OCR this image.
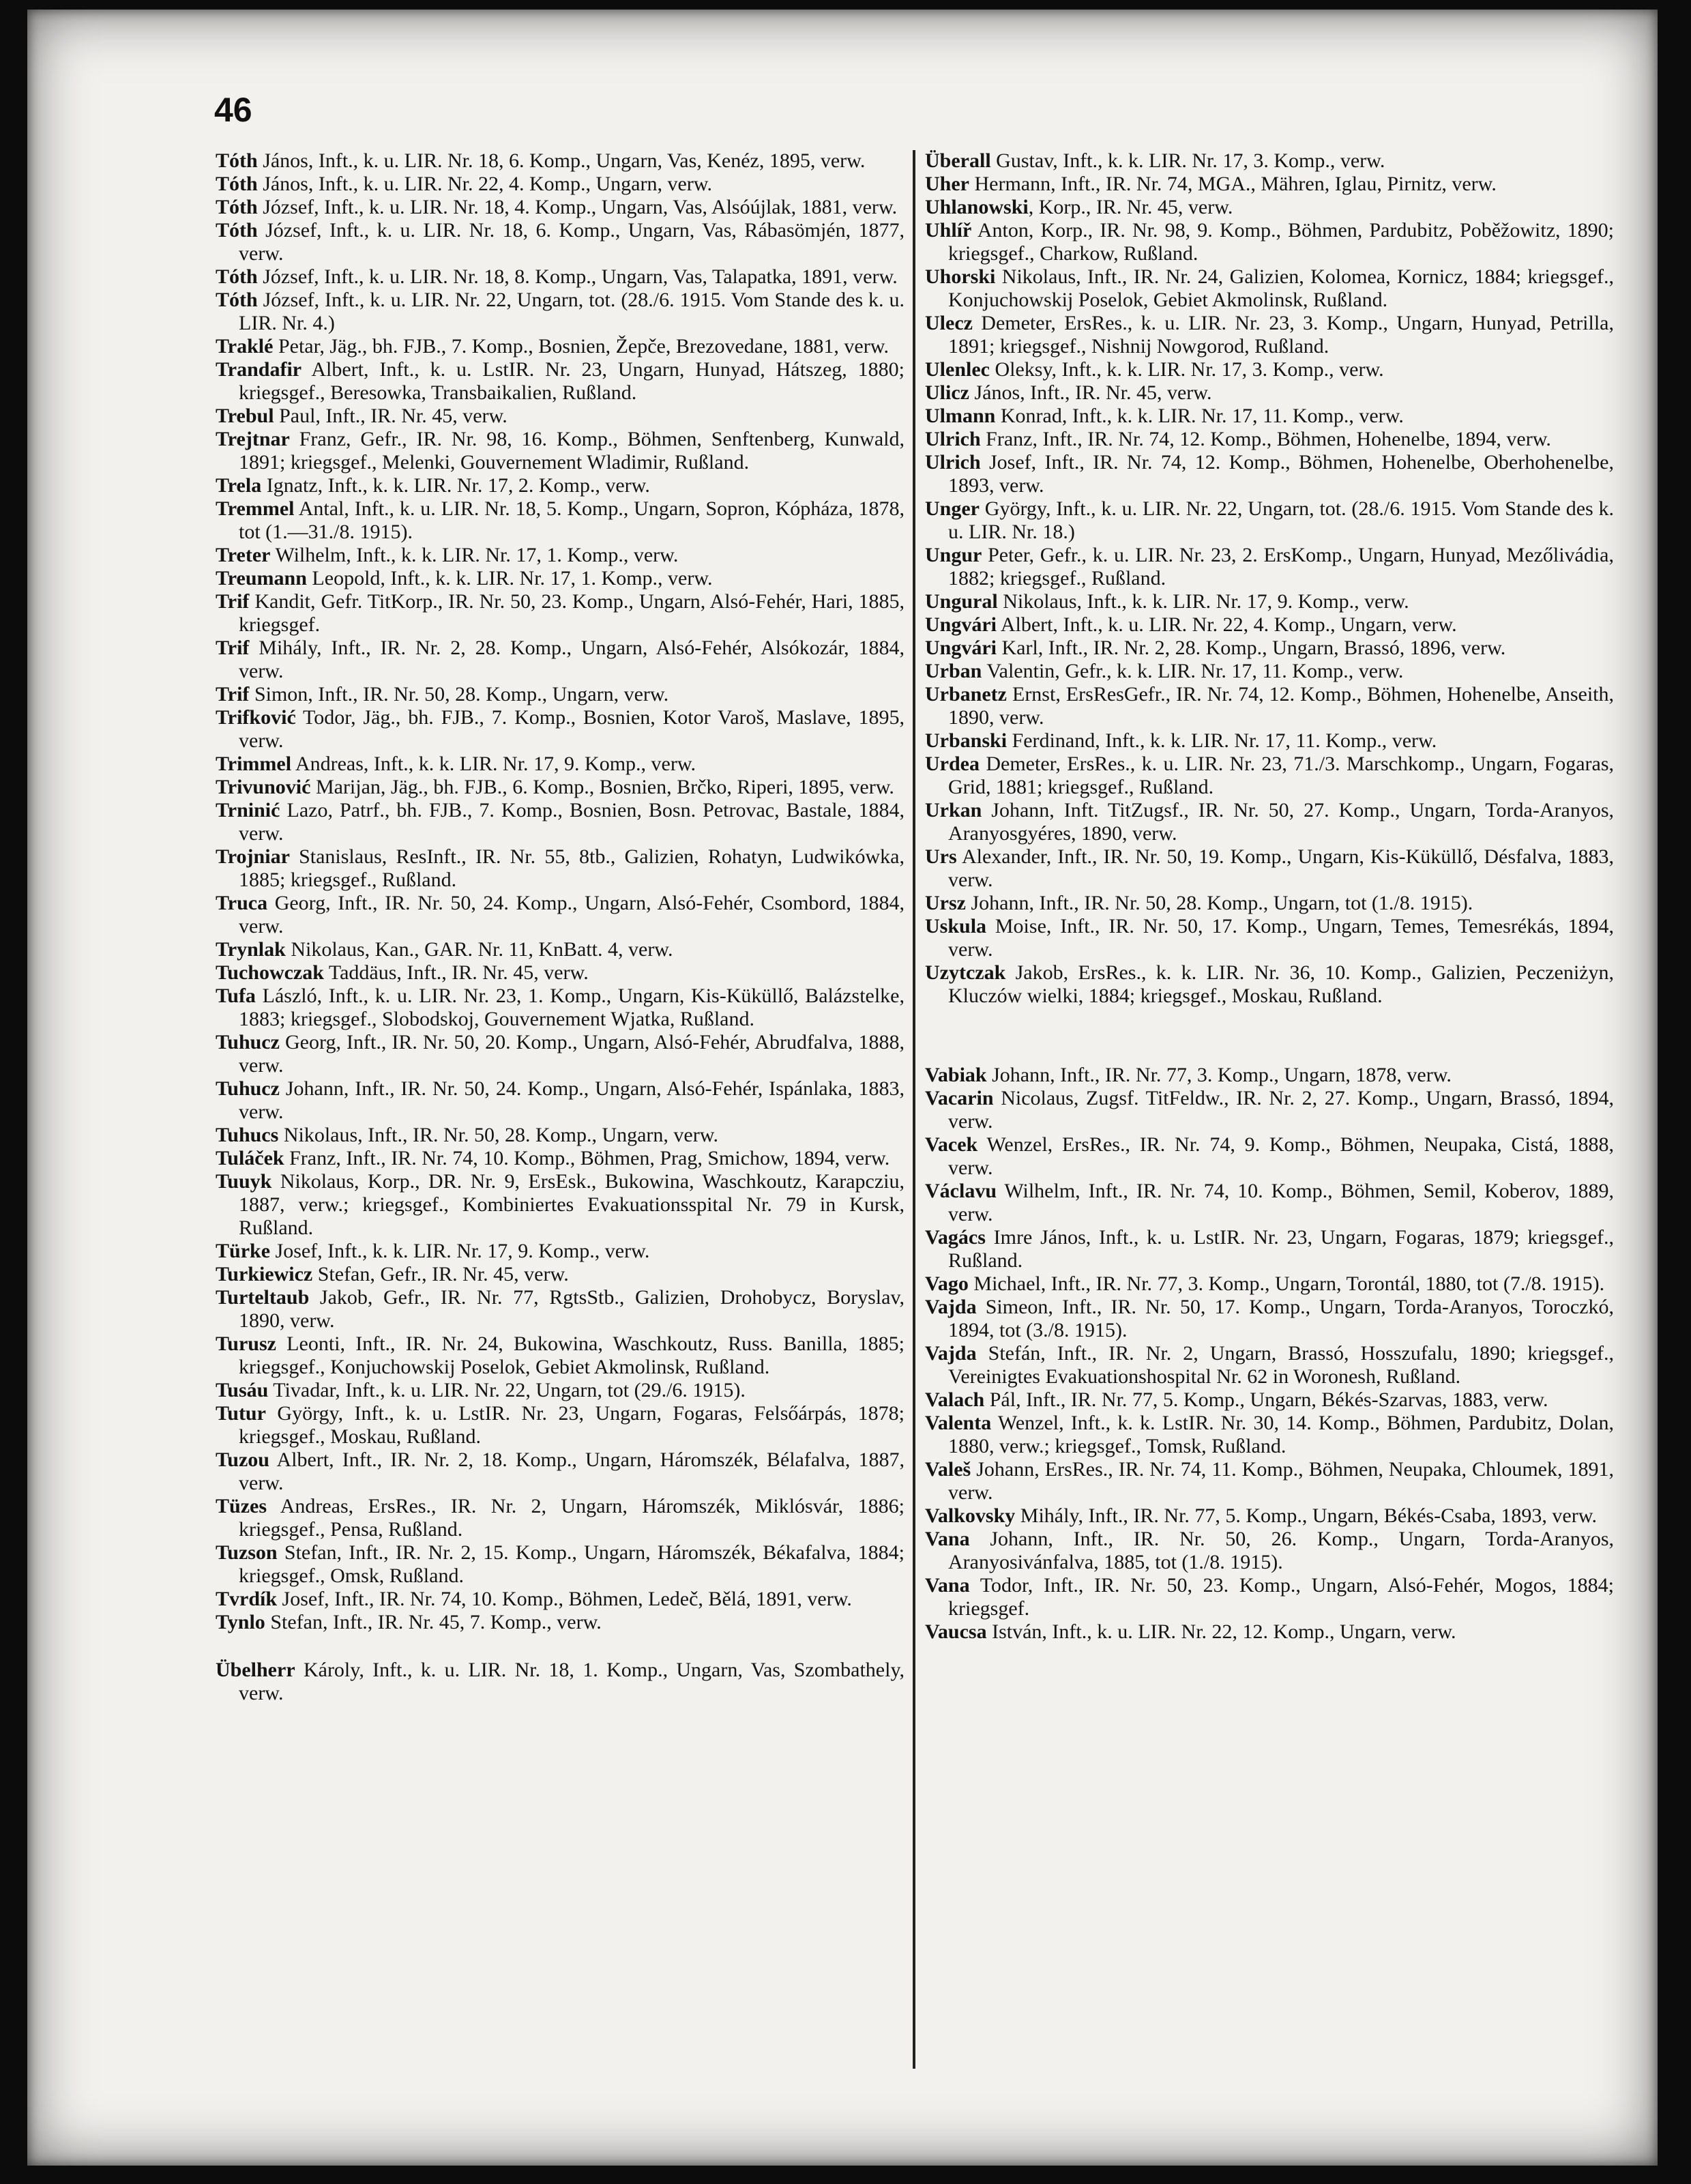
46

Tóth János, Inft., k. u. LIR. Nr. 18, 6. Komp., Ungarn, Vas, Kenéz, 1895, verw.

Tóth János, Inft., k. u. LIR. Nr. 22, 4. Komp., Ungarn, verw.

Tóth József, Inft., k. u. LIR. Nr. 18, 4. Komp., Ungarn, Vas, Alsóújlak, 1881, verw.

Tóth József, Inft., k. u. LIR. Nr. 18, 6. Komp., Ungarn, Vas, Rábasömjén, 1877, verw.

Tóth József, Inft., k. u. LIR. Nr. 18, 8. Komp., Ungarn, Vas, Talapatka, 1891, verw.

Tóth József, Inft., k. u. LIR. Nr. 22, Ungarn, tot. (28./6. 1915. Vom Stande des k. u. LIR. Nr. 4.)

Traklé Petar, Jäg., bh. FJB., 7. Komp., Bosnien, Žepče, Brezovedane, 1881, verw.

Trandafir Albert, Inft., k. u. LstIR. Nr. 23, Ungarn, Hunyad, Hátszeg, 1880; kriegsgef., Beresowka, Transbaikalien, Rußland.

Trebul Paul, Inft., IR. Nr. 45, verw.

Trejtnar Franz, Gefr., IR. Nr. 98, 16. Komp., Böhmen, Senftenberg, Kunwald, 1891; kriegsgef., Melenki, Gouvernement Wladimir, Rußland.

Trela Ignatz, Inft., k. k. LIR. Nr. 17, 2. Komp., verw.

Tremmel Antal, Inft., k. u. LIR. Nr. 18, 5. Komp., Ungarn, Sopron, Kópháza, 1878, tot (1.—31./8. 1915).

Treter Wilhelm, Inft., k. k. LIR. Nr. 17, 1. Komp., verw.

Treumann Leopold, Inft., k. k. LIR. Nr. 17, 1. Komp., verw.

Trif Kandit, Gefr. TitKorp., IR. Nr. 50, 23. Komp., Ungarn, Alsó-Fehér, Hari, 1885, kriegsgef.

Trif Mihály, Inft., IR. Nr. 2, 28. Komp., Ungarn, Alsó-Fehér, Alsókozár, 1884, verw.

Trif Simon, Inft., IR. Nr. 50, 28. Komp., Ungarn, verw.

Trifković Todor, Jäg., bh. FJB., 7. Komp., Bosnien, Kotor Varoš, Maslave, 1895, verw.

Trimmel Andreas, Inft., k. k. LIR. Nr. 17, 9. Komp., verw.

Trivunović Marijan, Jäg., bh. FJB., 6. Komp., Bosnien, Brčko, Riperi, 1895, verw.

Trninić Lazo, Patrf., bh. FJB., 7. Komp., Bosnien, Bosn. Petrovac, Bastale, 1884, verw.

Trojniar Stanislaus, ResInft., IR. Nr. 55, 8tb., Galizien, Rohatyn, Ludwikówka, 1885; kriegsgef., Rußland.

Truca Georg, Inft., IR. Nr. 50, 24. Komp., Ungarn, Alsó-Fehér, Csombord, 1884, verw.

Trynlak Nikolaus, Kan., GAR. Nr. 11, KnBatt. 4, verw.

Tuchowczak Taddäus, Inft., IR. Nr. 45, verw.

Tufa László, Inft., k. u. LIR. Nr. 23, 1. Komp., Ungarn, Kis-Küküllő, Balázstelke, 1883; kriegsgef., Slobodskoj, Gouvernement Wjatka, Rußland.

Tuhucz Georg, Inft., IR. Nr. 50, 20. Komp., Ungarn, Alsó-Fehér, Abrudfalva, 1888, verw.

Tuhucz Johann, Inft., IR. Nr. 50, 24. Komp., Ungarn, Alsó-Fehér, Ispánlaka, 1883, verw.

Tuhucs Nikolaus, Inft., IR. Nr. 50, 28. Komp., Ungarn, verw.

Tuláček Franz, Inft., IR. Nr. 74, 10. Komp., Böhmen, Prag, Smichow, 1894, verw.

Tuuyk Nikolaus, Korp., DR. Nr. 9, ErsEsk., Bukowina, Waschkoutz, Karapcziu, 1887, verw.; kriegsgef., Kombiniertes Evakuationsspital Nr. 79 in Kursk, Rußland.

Türke Josef, Inft., k. k. LIR. Nr. 17, 9. Komp., verw.

Turkiewicz Stefan, Gefr., IR. Nr. 45, verw.

Turteltaub Jakob, Gefr., IR. Nr. 77, RgtsStb., Galizien, Drohobycz, Boryslav, 1890, verw.

Turusz Leonti, Inft., IR. Nr. 24, Bukowina, Waschkoutz, Russ. Banilla, 1885; kriegsgef., Konjuchowskij Poselok, Gebiet Akmolinsk, Rußland.

Tusáu Tivadar, Inft., k. u. LIR. Nr. 22, Ungarn, tot (29./6. 1915).

Tutur György, Inft., k. u. LstIR. Nr. 23, Ungarn, Fogaras, Felsőárpás, 1878; kriegsgef., Moskau, Rußland.

Tuzou Albert, Inft., IR. Nr. 2, 18. Komp., Ungarn, Háromszék, Bélafalva, 1887, verw.

Tüzes Andreas, ErsRes., IR. Nr. 2, Ungarn, Háromszék, Miklósvár, 1886; kriegsgef., Pensa, Rußland.

Tuzson Stefan, Inft., IR. Nr. 2, 15. Komp., Ungarn, Háromszék, Békafalva, 1884; kriegsgef., Omsk, Rußland.

Tvrdík Josef, Inft., IR. Nr. 74, 10. Komp., Böhmen, Ledeč, Bělá, 1891, verw.

Tynlo Stefan, Inft., IR. Nr. 45, 7. Komp., verw.

Übelherr Károly, Inft., k. u. LIR. Nr. 18, 1. Komp., Ungarn, Vas, Szombathely, verw.

Überall Gustav, Inft., k. k. LIR. Nr. 17, 3. Komp., verw.

Uher Hermann, Inft., IR. Nr. 74, MGA., Mähren, Iglau, Pirnitz, verw.

Uhlanowski, Korp., IR. Nr. 45, verw.

Uhlíř Anton, Korp., IR. Nr. 98, 9. Komp., Böhmen, Pardubitz, Poběžowitz, 1890; kriegsgef., Charkow, Rußland.

Uhorski Nikolaus, Inft., IR. Nr. 24, Galizien, Kolomea, Kornicz, 1884; kriegsgef., Konjuchowskij Poselok, Gebiet Akmolinsk, Rußland.

Ulecz Demeter, ErsRes., k. u. LIR. Nr. 23, 3. Komp., Ungarn, Hunyad, Petrilla, 1891; kriegsgef., Nishnij Nowgorod, Rußland.

Ulenlec Oleksy, Inft., k. k. LIR. Nr. 17, 3. Komp., verw.

Ulicz János, Inft., IR. Nr. 45, verw.

Ulmann Konrad, Inft., k. k. LIR. Nr. 17, 11. Komp., verw.

Ulrich Franz, Inft., IR. Nr. 74, 12. Komp., Böhmen, Hohenelbe, 1894, verw.

Ulrich Josef, Inft., IR. Nr. 74, 12. Komp., Böhmen, Hohenelbe, Oberhohenelbe, 1893, verw.

Unger György, Inft., k. u. LIR. Nr. 22, Ungarn, tot. (28./6. 1915. Vom Stande des k. u. LIR. Nr. 18.)

Ungur Peter, Gefr., k. u. LIR. Nr. 23, 2. ErsKomp., Ungarn, Hunyad, Mezőlivádia, 1882; kriegsgef., Rußland.

Ungural Nikolaus, Inft., k. k. LIR. Nr. 17, 9. Komp., verw.

Ungvári Albert, Inft., k. u. LIR. Nr. 22, 4. Komp., Ungarn, verw.

Ungvári Karl, Inft., IR. Nr. 2, 28. Komp., Ungarn, Brassó, 1896, verw.

Urban Valentin, Gefr., k. k. LIR. Nr. 17, 11. Komp., verw.

Urbanetz Ernst, ErsResGefr., IR. Nr. 74, 12. Komp., Böhmen, Hohenelbe, Anseith, 1890, verw.

Urbanski Ferdinand, Inft., k. k. LIR. Nr. 17, 11. Komp., verw.

Urdea Demeter, ErsRes., k. u. LIR. Nr. 23, 71./3. Marschkomp., Ungarn, Fogaras, Grid, 1881; kriegsgef., Rußland.

Urkan Johann, Inft. TitZugsf., IR. Nr. 50, 27. Komp., Ungarn, Torda-Aranyos, Aranyosgyéres, 1890, verw.

Urs Alexander, Inft., IR. Nr. 50, 19. Komp., Ungarn, Kis-Küküllő, Désfalva, 1883, verw.

Ursz Johann, Inft., IR. Nr. 50, 28. Komp., Ungarn, tot (1./8. 1915).

Uskula Moise, Inft., IR. Nr. 50, 17. Komp., Ungarn, Temes, Temesrékás, 1894, verw.

Uzytczak Jakob, ErsRes., k. k. LIR. Nr. 36, 10. Komp., Galizien, Peczeniżyn, Kluczów wielki, 1884; kriegsgef., Moskau, Rußland.

Vabiak Johann, Inft., IR. Nr. 77, 3. Komp., Ungarn, 1878, verw.

Vacarin Nicolaus, Zugsf. TitFeldw., IR. Nr. 2, 27. Komp., Ungarn, Brassó, 1894, verw.

Vacek Wenzel, ErsRes., IR. Nr. 74, 9. Komp., Böhmen, Neupaka, Cistá, 1888, verw.

Václavu Wilhelm, Inft., IR. Nr. 74, 10. Komp., Böhmen, Semil, Koberov, 1889, verw.

Vagács Imre János, Inft., k. u. LstIR. Nr. 23, Ungarn, Fogaras, 1879; kriegsgef., Rußland.

Vago Michael, Inft., IR. Nr. 77, 3. Komp., Ungarn, Torontál, 1880, tot (7./8. 1915).

Vajda Simeon, Inft., IR. Nr. 50, 17. Komp., Ungarn, Torda-Aranyos, Toroczkó, 1894, tot (3./8. 1915).

Vajda Stefán, Inft., IR. Nr. 2, Ungarn, Brassó, Hosszufalu, 1890; kriegsgef., Vereinigtes Evakuationshospital Nr. 62 in Woronesh, Rußland.

Valach Pál, Inft., IR. Nr. 77, 5. Komp., Ungarn, Békés-Szarvas, 1883, verw.

Valenta Wenzel, Inft., k. k. LstIR. Nr. 30, 14. Komp., Böhmen, Pardubitz, Dolan, 1880, verw.; kriegsgef., Tomsk, Rußland.

Valeš Johann, ErsRes., IR. Nr. 74, 11. Komp., Böhmen, Neupaka, Chloumek, 1891, verw.

Valkovsky Mihály, Inft., IR. Nr. 77, 5. Komp., Ungarn, Békés-Csaba, 1893, verw.

Vana Johann, Inft., IR. Nr. 50, 26. Komp., Ungarn, Torda-Aranyos, Aranyosivánfalva, 1885, tot (1./8. 1915).

Vana Todor, Inft., IR. Nr. 50, 23. Komp., Ungarn, Alsó-Fehér, Mogos, 1884; kriegsgef.

Vaucsa István, Inft., k. u. LIR. Nr. 22, 12. Komp., Ungarn, verw.
